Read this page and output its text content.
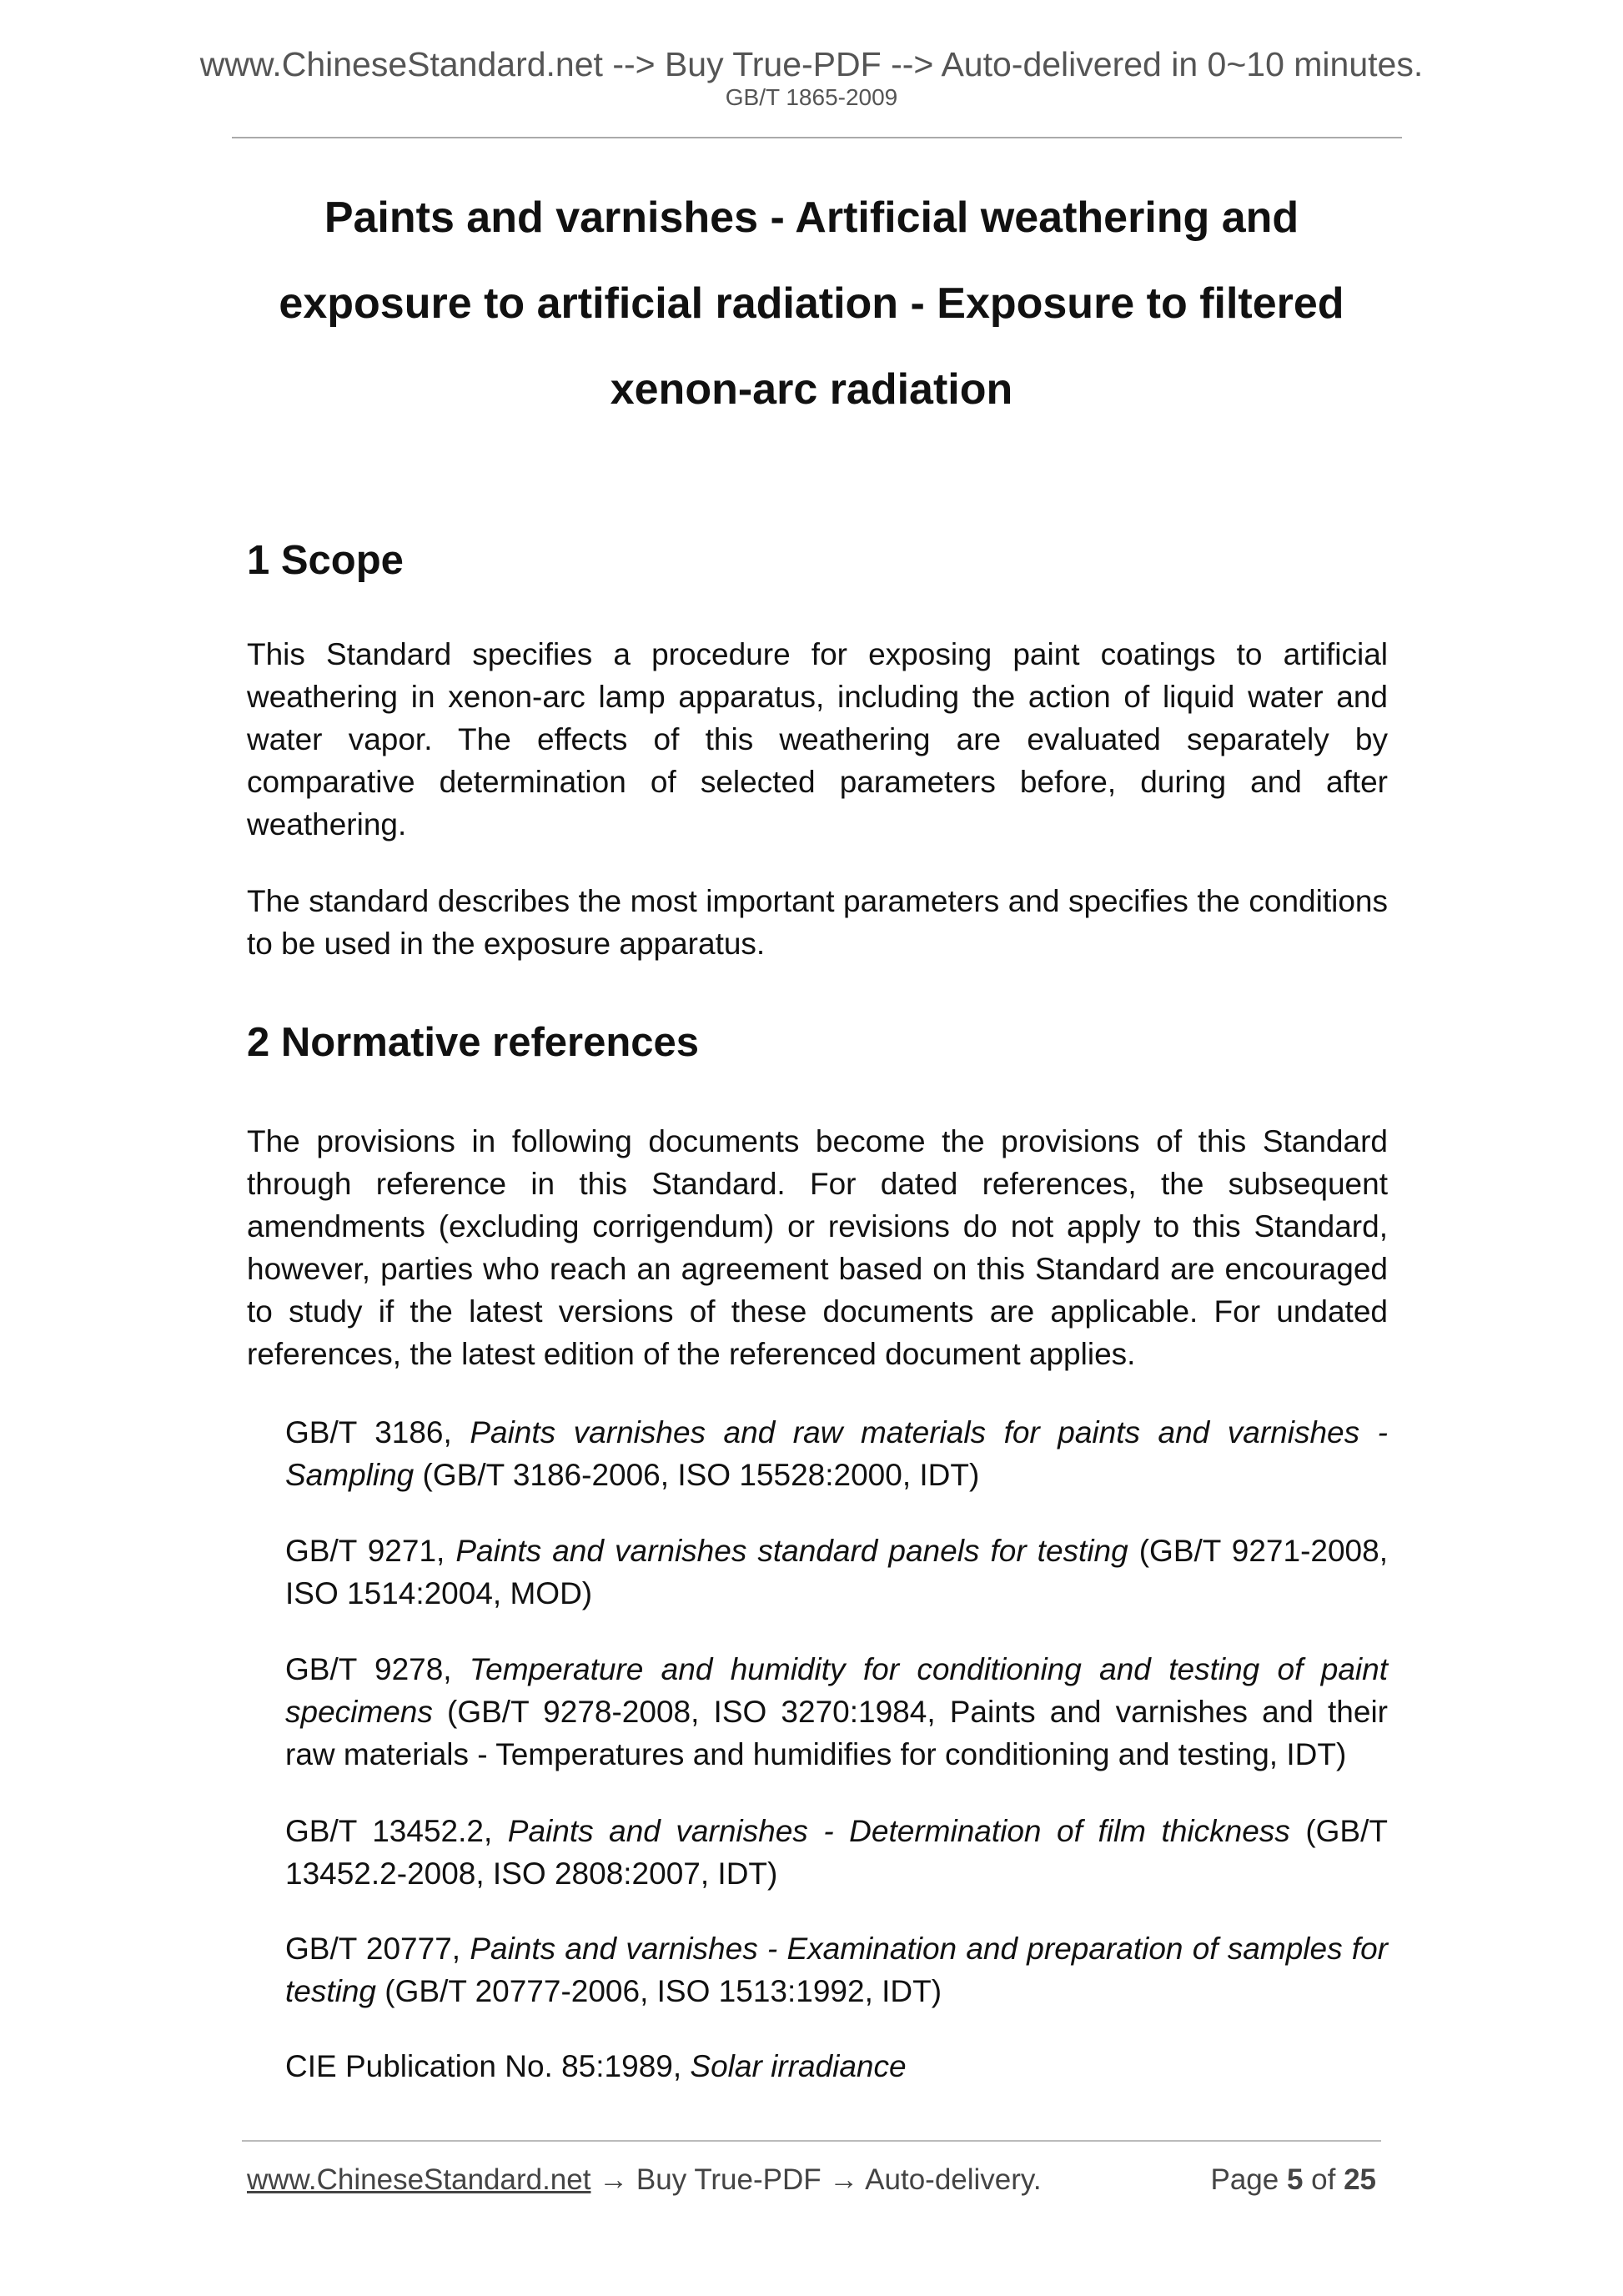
www.ChineseStandard.net --> Buy True-PDF --> Auto-delivered in 0~10 minutes.
GB/T 1865-2009
Paints and varnishes - Artificial weathering and
exposure to artificial radiation - Exposure to filtered
xenon-arc radiation
1 Scope
This Standard specifies a procedure for exposing paint coatings to artificial weathering in xenon-arc lamp apparatus, including the action of liquid water and water vapor. The effects of this weathering are evaluated separately by comparative determination of selected parameters before, during and after weathering.
The standard describes the most important parameters and specifies the conditions to be used in the exposure apparatus.
2 Normative references
The provisions in following documents become the provisions of this Standard through reference in this Standard. For dated references, the subsequent amendments (excluding corrigendum) or revisions do not apply to this Standard, however, parties who reach an agreement based on this Standard are encouraged to study if the latest versions of these documents are applicable. For undated references, the latest edition of the referenced document applies.
GB/T 3186, Paints varnishes and raw materials for paints and varnishes - Sampling (GB/T 3186-2006, ISO 15528:2000, IDT)
GB/T 9271, Paints and varnishes standard panels for testing (GB/T 9271-2008, ISO 1514:2004, MOD)
GB/T 9278, Temperature and humidity for conditioning and testing of paint specimens (GB/T 9278-2008, ISO 3270:1984, Paints and varnishes and their raw materials - Temperatures and humidifies for conditioning and testing, IDT)
GB/T 13452.2, Paints and varnishes - Determination of film thickness (GB/T 13452.2-2008, ISO 2808:2007, IDT)
GB/T 20777, Paints and varnishes - Examination and preparation of samples for testing (GB/T 20777-2006, ISO 1513:1992, IDT)
CIE Publication No. 85:1989, Solar irradiance
www.ChineseStandard.net → Buy True-PDF → Auto-delivery.	Page 5 of 25
